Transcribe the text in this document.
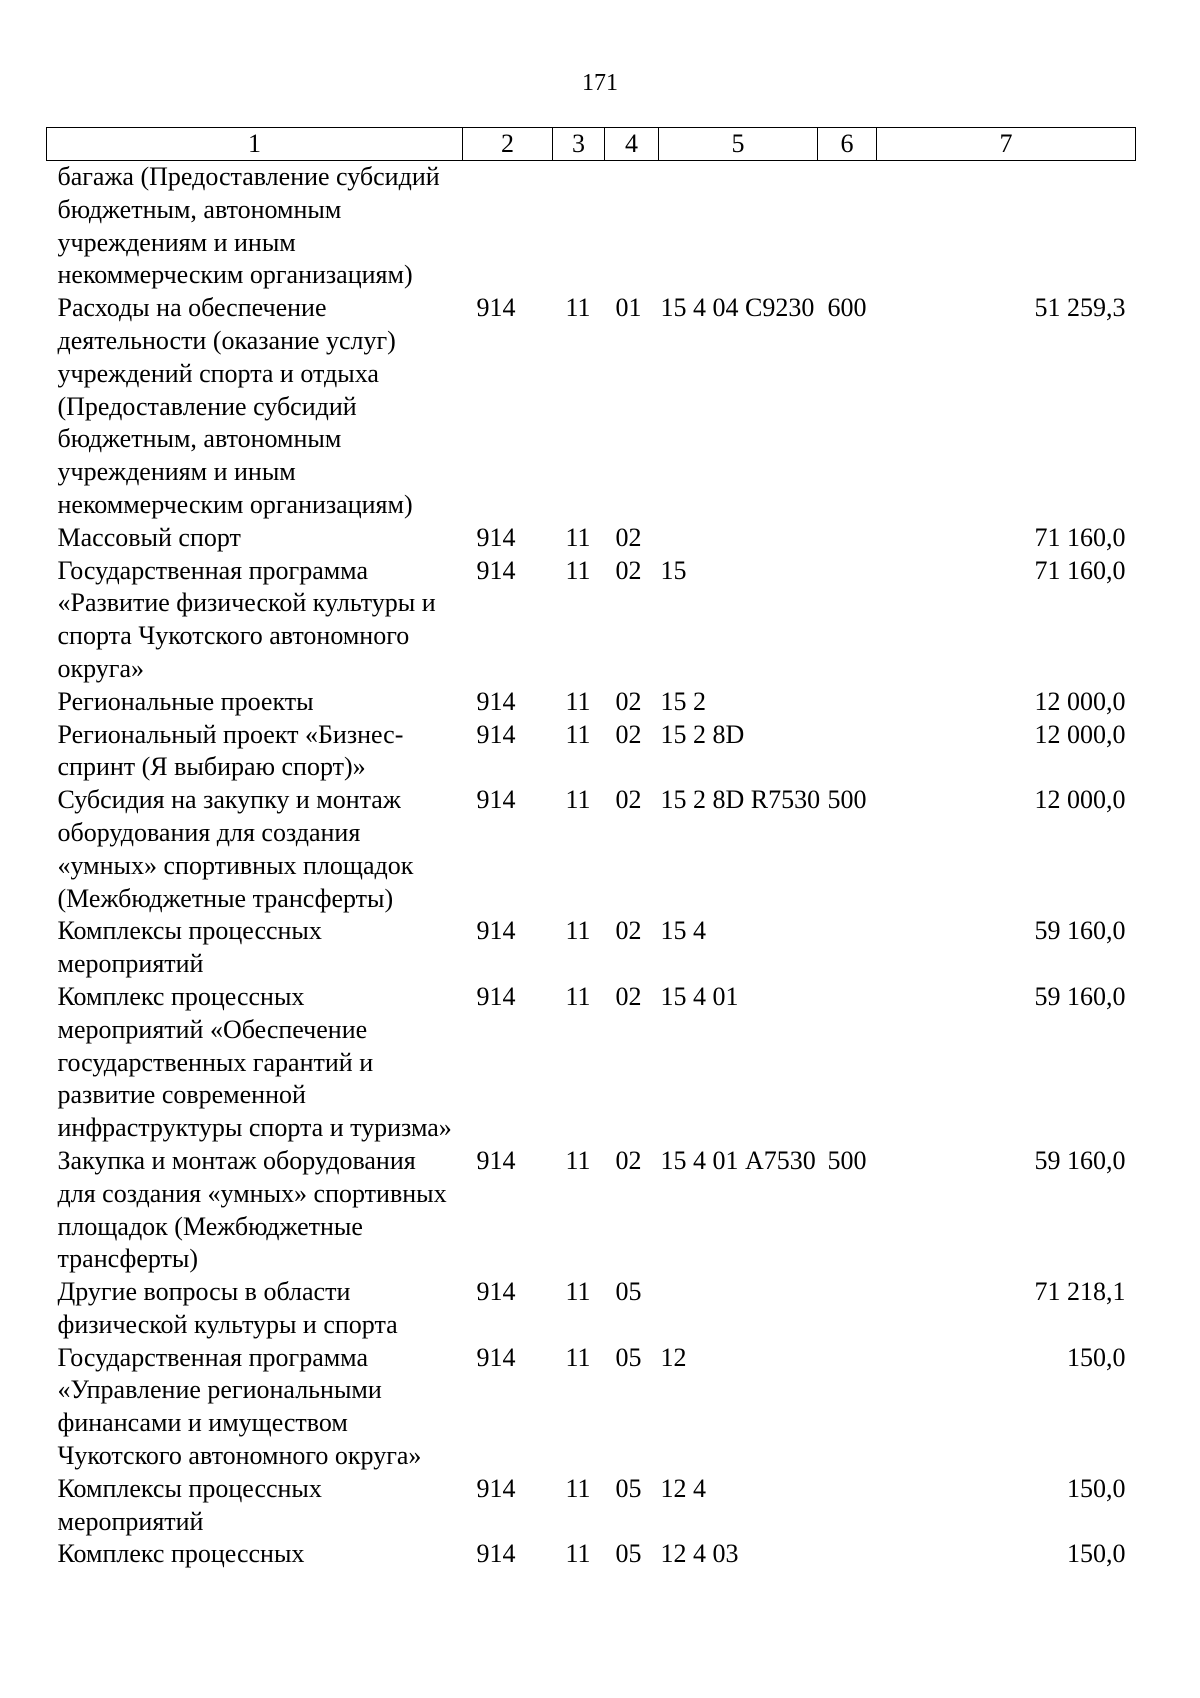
171
1	2	3	4	5	6	7
багажа (Предоставление субсидий бюджетным, автономным учреждениям и иным некоммерческим организациям)						
Расходы на обеспечение деятельности (оказание услуг) учреждений спорта и отдыха (Предоставление субсидий бюджетным, автономным учреждениям и иным некоммерческим организациям)	914	11	01	15 4 04 С9230	600	51 259,3
Массовый спорт	914	11	02			71 160,0
Государственная программа «Развитие физической культуры и спорта Чукотского автономного округа»	914	11	02	15		71 160,0
Региональные проекты	914	11	02	15 2		12 000,0
Региональный проект «Бизнес-спринт (Я выбираю спорт)»	914	11	02	15 2 8D		12 000,0
Субсидия на закупку и монтаж оборудования для создания «умных» спортивных площадок (Межбюджетные трансферты)	914	11	02	15 2 8D R7530	500	12 000,0
Комплексы процессных мероприятий	914	11	02	15 4		59 160,0
Комплекс процессных мероприятий «Обеспечение государственных гарантий и развитие современной инфраструктуры спорта и туризма»	914	11	02	15 4 01		59 160,0
Закупка и монтаж оборудования для создания «умных» спортивных площадок (Межбюджетные трансферты)	914	11	02	15 4 01 А7530	500	59 160,0
Другие вопросы в области физической культуры и спорта	914	11	05			71 218,1
Государственная программа «Управление региональными финансами и имуществом Чукотского автономного округа»	914	11	05	12		150,0
Комплексы процессных мероприятий	914	11	05	12 4		150,0
Комплекс процессных	914	11	05	12 4 03		150,0
